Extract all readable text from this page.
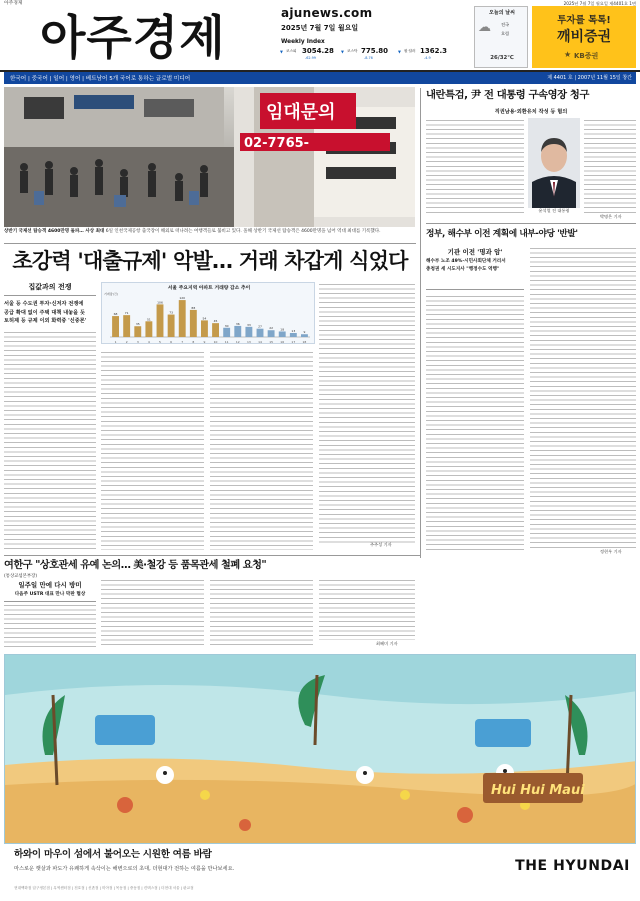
아주경제	2025년 7월 7일 월요일 제4401호 1면
아주경제	ajunews.com
2025년 7월 7일 월요일
Weekly Index
▼ 코스피 3054.28
-62.99
▼ 코스닥 775.80
-8.76
▼ 원·달러 1362.3
-4.9
오늘의 날씨
☁ 전국
흐림
26/32℃
투자를 톡톡!
깨비증권
★ KB증권
한국어 | 중국어 | 일어 | 영어 | 베트남어 5개 국어로 통하는 글로벌 미디어	제 4401 호 | 2007년 11월 15일 창간
임대문의
02-7765-
상반기 국제선 탑승객 4600만명 돌파… 사상 최대 6일 인천국제공항 출국장이 해외로 떠나려는 여행객들로 붐비고 있다. 올해 상반기 국제선 탑승객은 4600만명을 넘어 역대 최대를 기록했다.
초강력 '대출규제' 악발… 거래 차갑게 식었다
집값과의 전쟁
서울 등 수도권 투자·신저자 전쟁에
공급 확대 없이 주택 대책 내놓을 듯
토허제 등 규제 이외 화력중 '신중론'
서울 주요지역 아파트 거래량 감소 추이
68
1
71
2
35
3
51
4
106
5
73
6
120
7
88
8
54
9
45
10
30
11
36
12
33
13
27
14
22
15
18
16
13
17
9
18
거래량(건)
주주성 기자
내란특검, 尹 전 대통령 구속영장 청구
직권남용·외환유치 작성 등 혐의
윤석열 전 대통령
박명은 기자
정부, 해수부 이전 계획에 내부-야당 '반발'
기관 이전 '명과 암'
해수부 노조 49%·시민사회단체 거리서
충청권 세 시도지사 "행정수도 역행"
정현우 기자
여한구 "상호관세 유예 논의… 美·철강 등 품목관세 철폐 요청"
(통상교섭본부장)
일주일 만에 다시 방미
다음주 USTR 대표 만나 막판 협상
최혜미 기자
Hui Hui Maui
하와이 마우이 섬에서 불어오는 시원한 여름 바람
마스로운 햇살과 파도가 유쾌하게 속삭이는 해변으로의 초대, 더현대가 전하는 여름을 만나보세요.
현대백화점 압구정본점 | 무역센터점 | 천호점 | 신촌점 | 미아점 | 목동점 | 중동점 | 킨텍스점 | 더현대 서울 | 판교점
THE HYUNDAI
